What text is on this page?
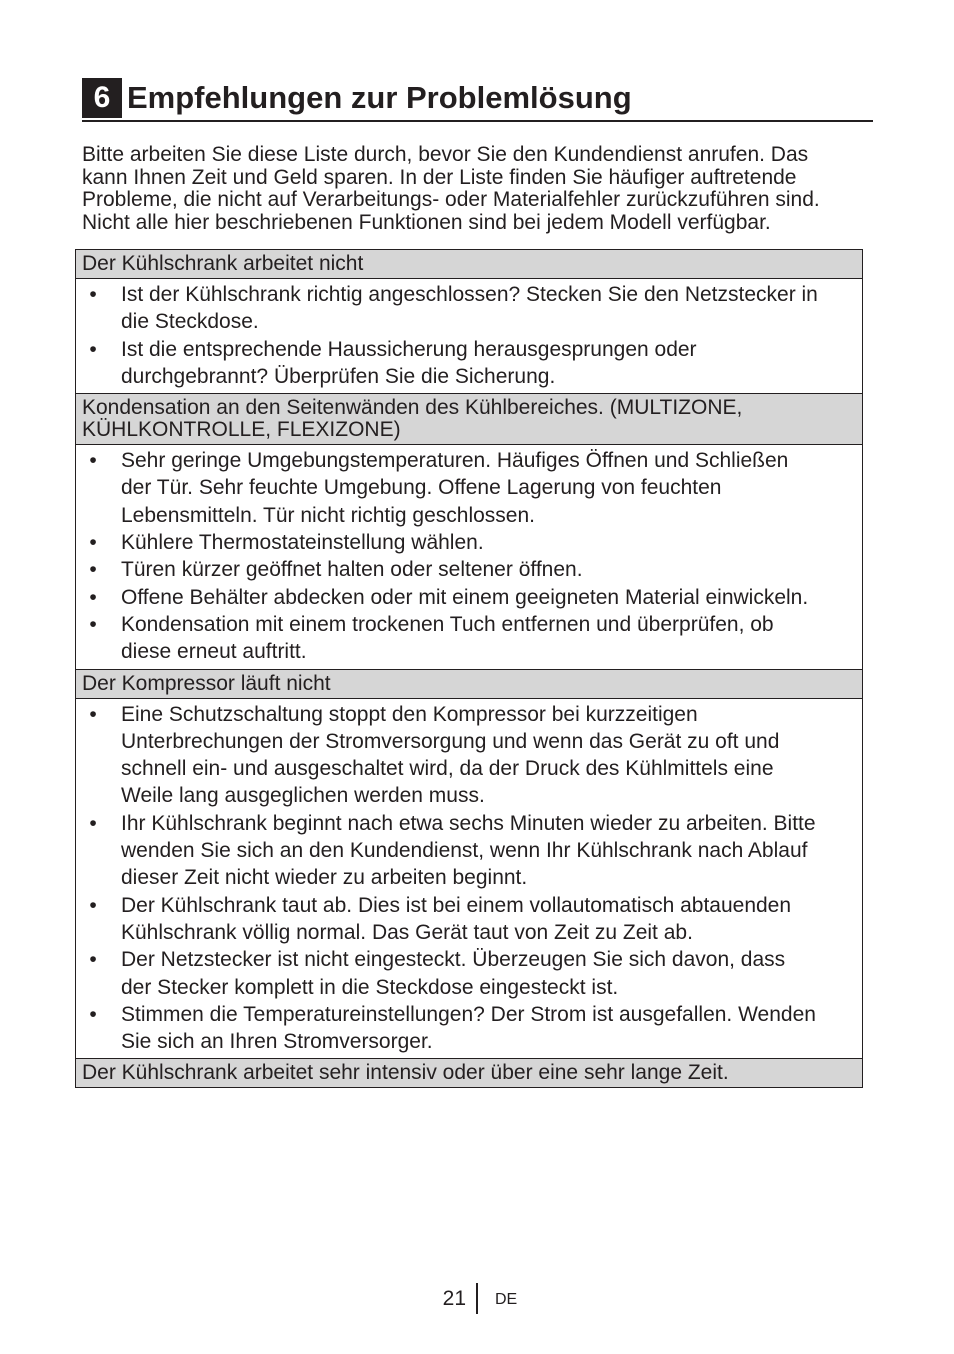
6 Empfehlungen zur Problemlösung
Bitte arbeiten Sie diese Liste durch, bevor Sie den Kundendienst anrufen. Das
kann Ihnen Zeit und Geld sparen. In der Liste finden Sie häufiger auftretende
Probleme, die nicht auf Verarbeitungs- oder Materialfehler zurückzuführen sind.
Nicht alle hier beschriebenen Funktionen sind bei jedem Modell verfügbar.
Der Kühlschrank arbeitet nicht
•	Ist der Kühlschrank richtig angeschlossen? Stecken Sie den Netzstecker in
die Steckdose.
•	Ist die entsprechende Haussicherung herausgesprungen oder
durchgebrannt? Überprüfen Sie die Sicherung.
Kondensation an den Seitenwänden des Kühlbereiches. (MULTIZONE,
KÜHLKONTROLLE, FLEXIZONE)
•	Sehr geringe Umgebungstemperaturen. Häufiges Öffnen und Schließen
der Tür. Sehr feuchte Umgebung. Offene Lagerung von feuchten
Lebensmitteln. Tür nicht richtig geschlossen.
•	Kühlere Thermostateinstellung wählen.
•	Türen kürzer geöffnet halten oder seltener öffnen.
•	Offene Behälter abdecken oder mit einem geeigneten Material einwickeln.
•	Kondensation mit einem trockenen Tuch entfernen und überprüfen, ob
diese erneut auftritt.
Der Kompressor läuft nicht
•	Eine Schutzschaltung stoppt den Kompressor bei kurzzeitigen
Unterbrechungen der Stromversorgung und wenn das Gerät zu oft und
schnell ein- und ausgeschaltet wird, da der Druck des Kühlmittels eine
Weile lang ausgeglichen werden muss.
•	Ihr Kühlschrank beginnt nach etwa sechs Minuten wieder zu arbeiten. Bitte
wenden Sie sich an den Kundendienst, wenn Ihr Kühlschrank nach Ablauf
dieser Zeit nicht wieder zu arbeiten beginnt.
•	Der Kühlschrank taut ab. Dies ist bei einem vollautomatisch abtauenden
Kühlschrank völlig normal. Das Gerät taut von Zeit zu Zeit ab.
•	Der Netzstecker ist nicht eingesteckt. Überzeugen Sie sich davon, dass
der Stecker komplett in die Steckdose eingesteckt ist.
•	Stimmen die Temperatureinstellungen? Der Strom ist ausgefallen. Wenden
Sie sich an Ihren Stromversorger.
Der Kühlschrank arbeitet sehr intensiv oder über eine sehr lange Zeit.
21 DE
